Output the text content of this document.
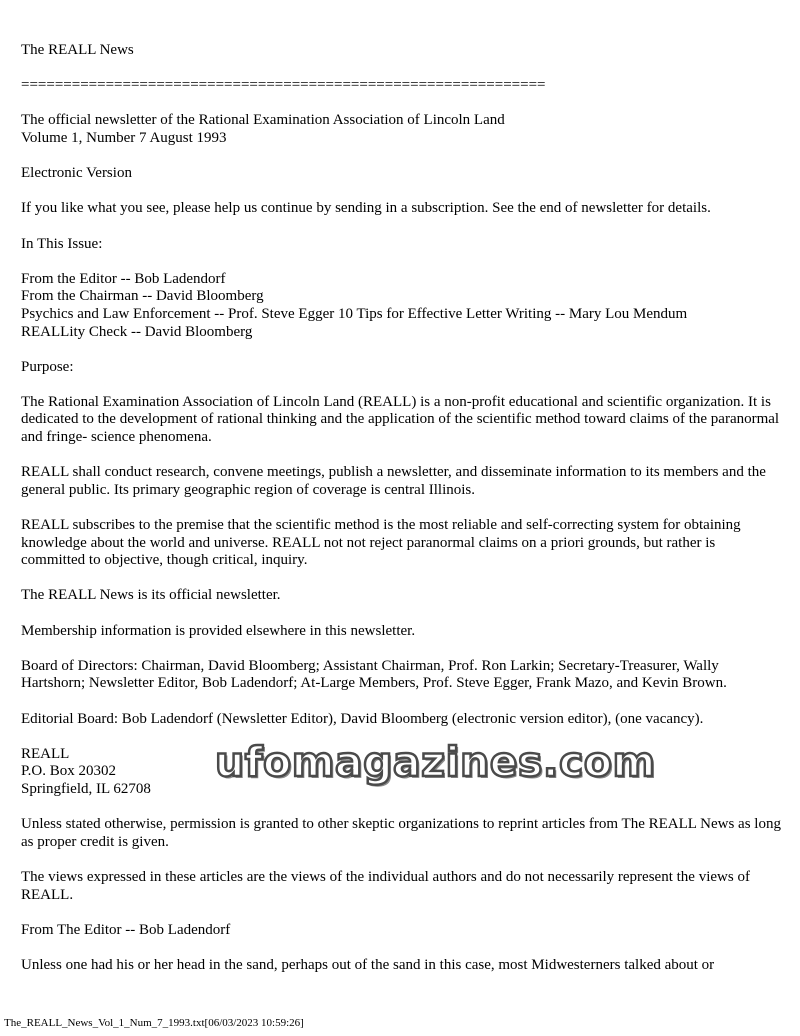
The REALL News

==============================================================

The official newsletter of the Rational Examination Association of Lincoln Land
Volume 1, Number 7 August 1993

Electronic Version

If you like what you see, please help us continue by sending in a subscription. See the end of newsletter for details.

In This Issue:

From the Editor -- Bob Ladendorf
From the Chairman -- David Bloomberg
Psychics and Law Enforcement -- Prof. Steve Egger 10 Tips for Effective Letter Writing -- Mary Lou Mendum
REALLity Check -- David Bloomberg

Purpose:

The Rational Examination Association of Lincoln Land (REALL) is a non-profit educational and scientific organization. It is dedicated to the development of rational thinking and the application of the scientific method toward claims of the paranormal and fringe- science phenomena.

REALL shall conduct research, convene meetings, publish a newsletter, and disseminate information to its members and the general public. Its primary geographic region of coverage is central Illinois.

REALL subscribes to the premise that the scientific method is the most reliable and self-correcting system for obtaining knowledge about the world and universe. REALL not not reject paranormal claims on a priori grounds, but rather is committed to objective, though critical, inquiry.

The REALL News is its official newsletter.

Membership information is provided elsewhere in this newsletter.

Board of Directors: Chairman, David Bloomberg; Assistant Chairman, Prof. Ron Larkin; Secretary-Treasurer, Wally Hartshorn; Newsletter Editor, Bob Ladendorf; At-Large Members, Prof. Steve Egger, Frank Mazo, and Kevin Brown.

Editorial Board: Bob Ladendorf (Newsletter Editor), David Bloomberg (electronic version editor), (one vacancy).

REALL
P.O. Box 20302
Springfield, IL 62708

Unless stated otherwise, permission is granted to other skeptic organizations to reprint articles from The REALL News as long as proper credit is given.

The views expressed in these articles are the views of the individual authors and do not necessarily represent the views of REALL.

From The Editor -- Bob Ladendorf

Unless one had his or her head in the sand, perhaps out of the sand in this case, most Midwesterners talked about or

ufomagazines.com
The_REALL_News_Vol_1_Num_7_1993.txt[06/03/2023 10:59:26]
